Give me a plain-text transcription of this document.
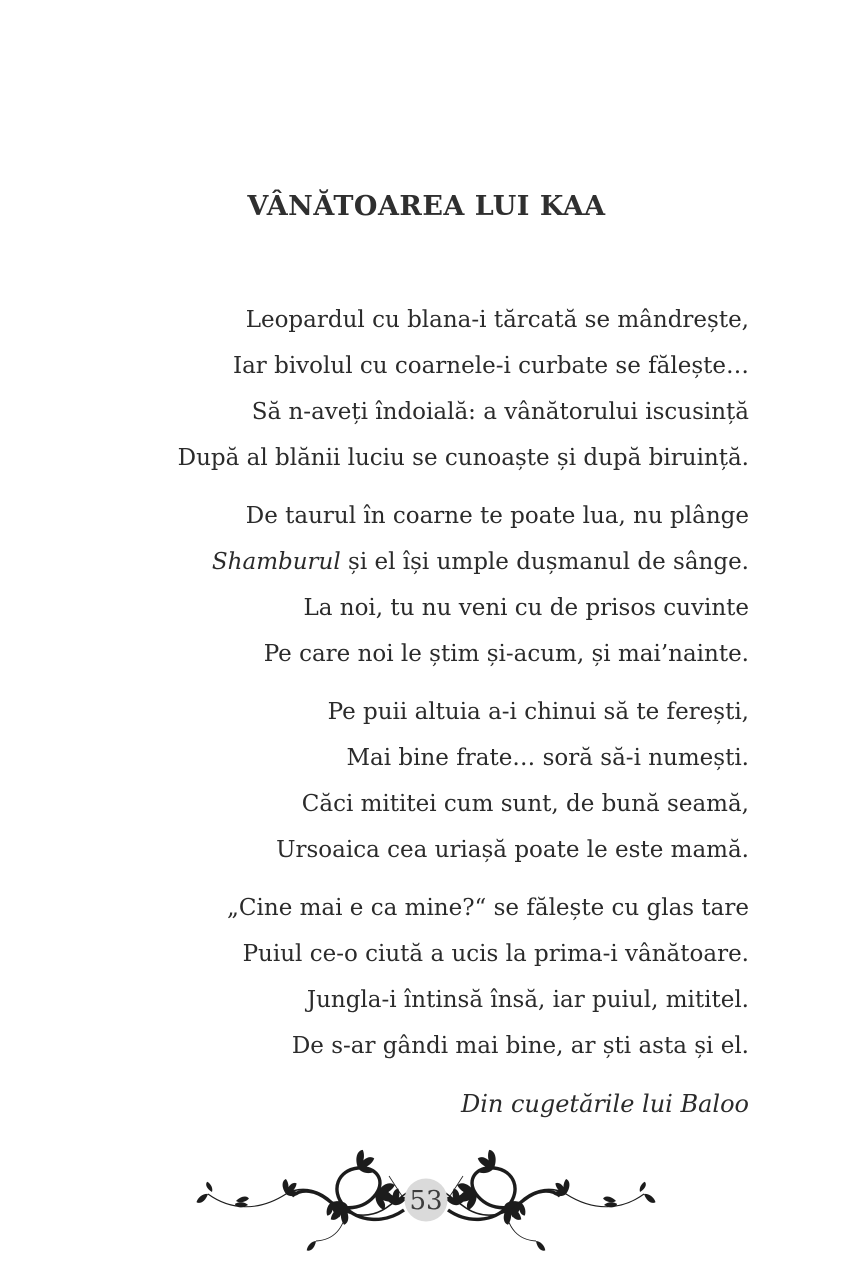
VÂNĂTOAREA LUI KAA

Leopardul cu blana-i tărcată se mândrește,

Iar bivolul cu coarnele-i curbate se fălește…

Să n-aveți îndoială: a vânătorului iscusință

După al blănii luciu se cunoaște și după biruință.

De taurul în coarne te poate lua, nu plânge

Shamburul și el își umple dușmanul de sânge.

La noi, tu nu veni cu de prisos cuvinte

Pe care noi le știm și-acum, și mai’nainte.

Pe puii altuia a-i chinui să te ferești,

Mai bine frate… soră să-i numești.

Căci mititei cum sunt, de bună seamă,

Ursoaica cea uriașă poate le este mamă.

„Cine mai e ca mine?“ se fălește cu glas tare

Puiul ce-o ciută a ucis la prima-i vânătoare.

Jungla-i întinsă însă, iar puiul, mititel.

De s-ar gândi mai bine, ar ști asta și el.

Din cugetările lui Baloo

53
